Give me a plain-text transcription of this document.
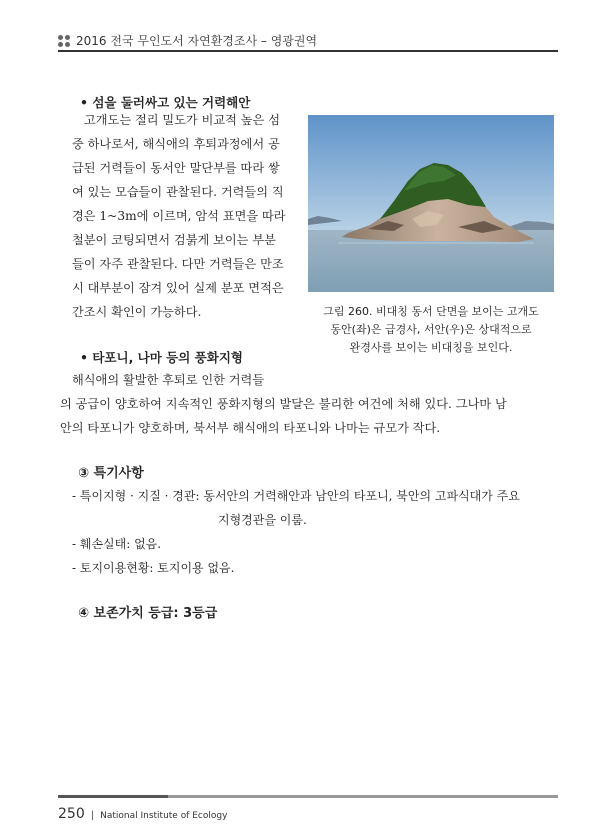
2016 전국 무인도서 자연환경조사 – 영광권역
• 섬을 둘러싸고 있는 거력해안
고개도는 절리 밀도가 비교적 높은 섬
중 하나로서, 해식애의 후퇴과정에서 공
급된 거력들이 동서안 말단부를 따라 쌓
여 있는 모습들이 관찰된다. 거력들의 직
경은 1~3m에 이르며, 암석 표면을 따라
철분이 코팅되면서 검붉게 보이는 부분
들이 자주 관찰된다. 다만 거력들은 만조
시 대부분이 잠겨 있어 실제 분포 면적은
간조시 확인이 가능하다.	그림 260. 비대칭 동서 단면을 보이는 고개도
동안(좌)은 급경사, 서안(우)은 상대적으로
완경사를 보이는 비대칭을 보인다.
• 타포니, 나마 등의 풍화지형
해식애의 활발한 후퇴로 인한 거력들
의 공급이 양호하여 지속적인 풍화지형의 발달은 불리한 여건에 처해 있다. 그나마 남
안의 타포니가 양호하며, 북서부 해식애의 타포니와 나마는 규모가 작다.
③ 특기사항
- 특이지형 · 지질 · 경관: 동서안의 거력해안과 남안의 타포니, 북안의 고파식대가 주요
지형경관을 이룸.
- 훼손실태: 없음.
- 토지이용현황: 토지이용 없음.
④ 보존가치 등급: 3등급
250 | National Institute of Ecology
